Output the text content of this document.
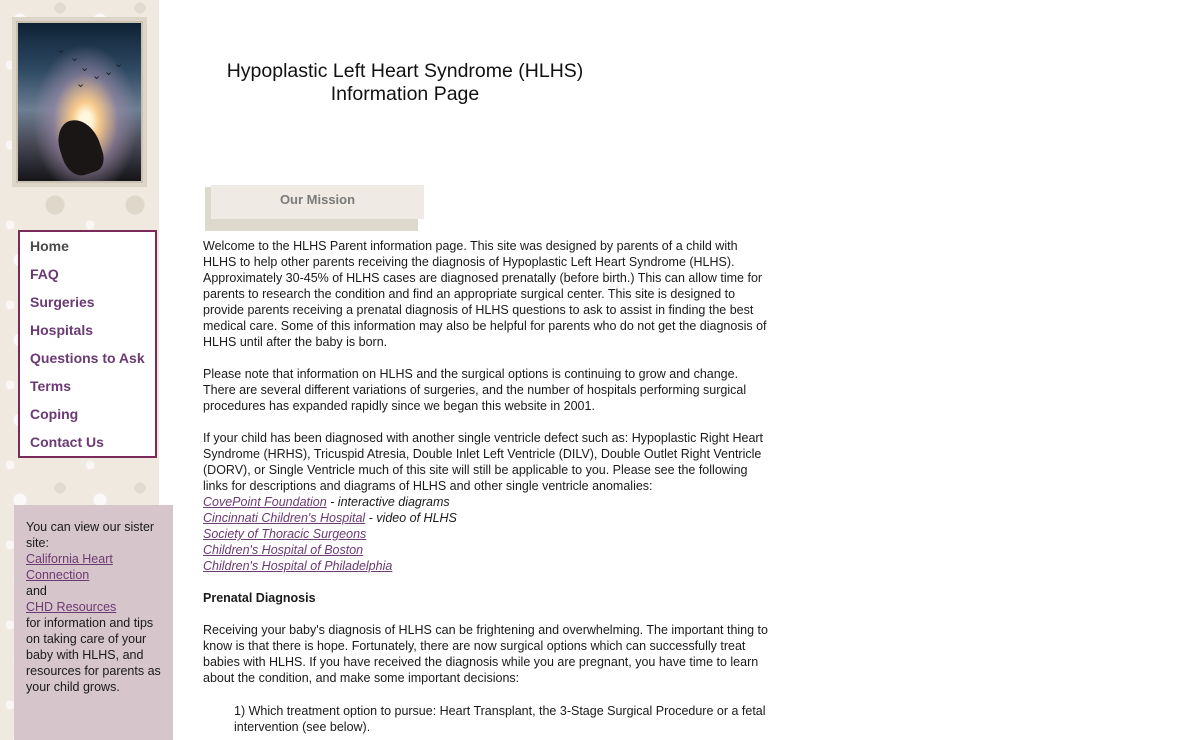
⌄
⌄
⌄
⌄
⌄
⌄
⌄
Home
FAQ
Surgeries
Hospitals
Questions to Ask
Terms
Coping
Contact Us
You can view our sister site:
California Heart Connection
and
CHD Resources
for information and tips on taking care of your baby with HLHS, and resources for parents as your child grows.
Hypoplastic Left Heart Syndrome (HLHS)
Information Page
Our Mission

Welcome to the HLHS Parent information page. This site was designed by parents of a child with HLHS to help other parents receiving the diagnosis of Hypoplastic Left Heart Syndrome (HLHS). Approximately 30-45% of HLHS cases are diagnosed prenatally (before birth.) This can allow time for parents to research the condition and find an appropriate surgical center. This site is designed to provide parents receiving a prenatal diagnosis of HLHS questions to ask to assist in finding the best medical care. Some of this information may also be helpful for parents who do not get the diagnosis of HLHS until after the baby is born.

Please note that information on HLHS and the surgical options is continuing to grow and change. There are several different variations of surgeries, and the number of hospitals performing surgical procedures has expanded rapidly since we began this website in 2001.

If your child has been diagnosed with another single ventricle defect such as: Hypoplastic Right Heart Syndrome (HRHS), Tricuspid Atresia, Double Inlet Left Ventricle (DILV), Double Outlet Right Ventricle (DORV), or Single Ventricle much of this site will still be applicable to you. Please see the following links for descriptions and diagrams of HLHS and other single ventricle anomalies:
CovePoint Foundation - interactive diagrams
Cincinnati Children's Hospital - video of HLHS
Society of Thoracic Surgeons
Children's Hospital of Boston
Children's Hospital of Philadelphia
Prenatal Diagnosis

Receiving your baby's diagnosis of HLHS can be frightening and overwhelming. The important thing to know is that there is hope. Fortunately, there are now surgical options which can successfully treat babies with HLHS. If you have received the diagnosis while you are pregnant, you have time to learn about the condition, and make some important decisions:

1) Which treatment option to pursue: Heart Transplant, the 3-Stage Surgical Procedure or a fetal intervention (see below).
